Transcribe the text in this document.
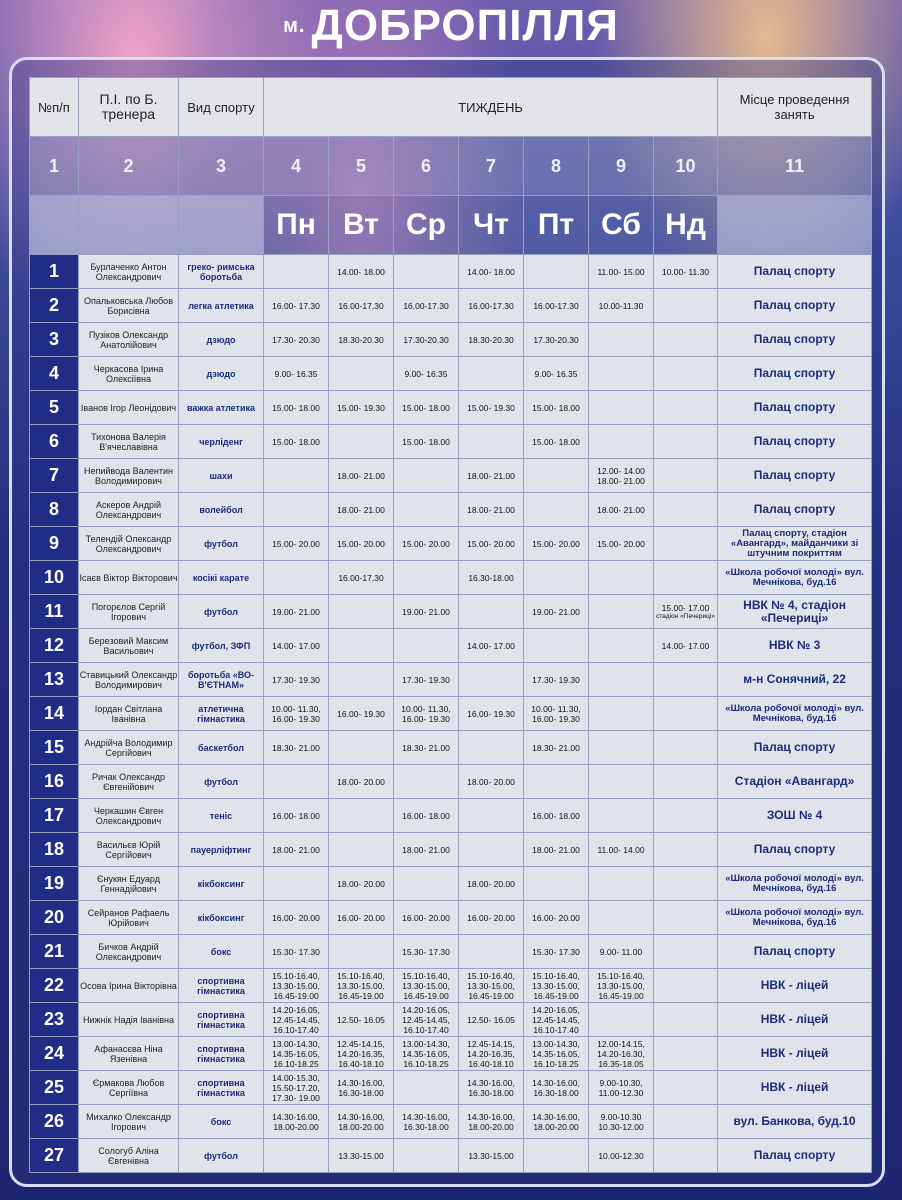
м. ДОБРОПІЛЛЯ
№п/п	П.І. по Б. тренера	Вид спорту	ТИЖДЕНЬ							Місце проведення занять
1	2	3	4	5	6	7	8	9	10	11
			Пн	Вт	Ср	Чт	Пт	Сб	Нд	
1	Бурлаченко Антон Олександрович	греко- римська боротьба		14.00- 18.00		14.00- 18.00		11.00- 15.00	10.00- 11.30	Палац спорту
2	Опальковська Любов Борисівна	легка атлетика	16.00- 17.30	16.00-17.30	16.00-17.30	16.00-17.30	16.00-17.30	10.00-11.30		Палац спорту
3	Пузіков Олександр Анатолійович	дзюдо	17.30- 20.30	18.30-20.30	17.30-20.30	18.30-20.30	17.30-20.30			Палац спорту
4	Черкасова Ірина Олексіївна	дзюдо	9.00- 16.35		9.00- 16.35		9.00- 16.35			Палац спорту
5	Іванов Ігор Леонідович	важка атлетика	15.00- 18.00	15.00- 19.30	15.00- 18.00	15.00- 19.30	15.00- 18.00			Палац спорту
6	Тихонова Валерія В'ячеславівна	черліденг	15.00- 18.00		15.00- 18.00		15.00- 18.00			Палац спорту
7	Непийвода Валентин Володимирович	шахи		18.00- 21.00		18.00- 21.00		12.00- 14.00
18.00- 21.00		Палац спорту
8	Аскеров Андрій Олександрович	волейбол		18.00- 21.00		18.00- 21.00		18.00- 21.00		Палац спорту
9	Телендій Олександр Олександрович	футбол	15.00- 20.00	15.00- 20.00	15.00- 20.00	15.00- 20.00	15.00- 20.00	15.00- 20.00		Палац спорту, стадіон «Авангард», майданчики зі штучним покриттям
10	Ісаєв Віктор Вікторович	косікі карате		16.00-17.30		16.30-18.00				«Школа робочої молоді» вул. Мечнікова, буд.16
11	Погорєлов Сергій Ігорович	футбол	19.00- 21.00		19.00- 21.00		19.00- 21.00		15.00- 17.00

стадіон «Печериці»	НВК № 4, стадіон «Печериці»
12	Березовий Максим Васильович	футбол, ЗФП	14.00- 17.00			14.00- 17.00			14.00- 17.00	НВК № 3
13	Ставицький Олександр Володимирович	боротьба «ВО-В'ЄТНАМ»	17.30- 19.30		17.30- 19.30		17.30- 19.30			м-н Сонячний, 22
14	Іордан Світлана Іванівна	атлетична гімнастика	10.00- 11.30,
16.00- 19.30	16.00- 19.30	10.00- 11.30,
16.00- 19.30	16.00- 19.30	10.00- 11.30,
16.00- 19.30			«Школа робочої молоді» вул. Мечнікова, буд.16
15	Андрійча Володимир Сергійович	баскетбол	18.30- 21.00		18.30- 21.00		18.30- 21.00			Палац спорту
16	Ричак Олександр Євгенійович	футбол		18.00- 20.00		18.00- 20.00				Стадіон «Авангард»
17	Черкашин Євген Олександрович	теніс	16.00- 18.00		16.00- 18.00		16.00- 18.00			ЗОШ № 4
18	Васильєв Юрій Сергійович	пауерліфтинг	18.00- 21.00		18.00- 21.00		18.00- 21.00	11.00- 14.00		Палац спорту
19	Єнукян Едуард Геннадійович	кікбоксинг		18.00- 20.00		18.00- 20.00				«Школа робочої молоді» вул. Мечнікова, буд.16
20	Сейранов Рафаель Юрійович	кікбоксинг	16.00- 20.00	16.00- 20.00	16.00- 20.00	16.00- 20.00	16.00- 20.00			«Школа робочої молоді» вул. Мечнікова, буд.16
21	Бичков Андрій Олександрович	бокс	15.30- 17.30		15.30- 17.30		15.30- 17.30	9.00- 11.00		Палац спорту
22	Осова Ірина Вікторівна	спортивна гімнастика	15.10-16.40,
13.30-15.00,
16.45-19.00	15.10-16.40,
13.30-15.00,
16.45-19.00	15.10-16.40,
13.30-15.00,
16.45-19.00	15.10-16.40,
13.30-15.00,
16.45-19.00	15.10-16.40,
13.30-15.00,
16.45-19.00	15.10-16.40,
13.30-15.00,
16.45-19.00		НВК - ліцей
23	Нижнік Надія Іванівна	спортивна гімнастика	14.20-16.05,
12.45-14.45,
16.10-17.40	12.50- 16.05	14.20-16.05,
12.45-14.45,
16.10-17.40	12.50- 16.05	14.20-16.05,
12.45-14.45,
16.10-17.40			НВК - ліцей
24	Афанасєва Ніна Язенівна	спортивна гімнастика	13.00-14.30,
14.35-16.05,
16.10-18.25	12.45-14.15,
14.20-16.35,
16.40-18.10	13.00-14.30,
14.35-16.05,
16.10-18.25	12.45-14.15,
14.20-16.35,
16.40-18.10	13.00-14.30,
14.35-16.05,
16.10-18.25	12.00-14.15,
14.20-16.30,
16.35-18.05		НВК - ліцей
25	Єрмакова Любов Сергіївна	спортивна гімнастика	14.00-15.30,
15.50-17.20,
17.30- 19.00	14.30-16.00,
16.30-18.00		14.30-16.00,
16.30-18.00	14.30-16.00,
16.30-18.00	9.00-10.30,
11.00-12.30		НВК - ліцей
26	Михалко Олександр Ігорович	бокс	14.30-16.00,
18.00-20.00	14.30-16.00,
18.00-20.00	14.30-16.00,
16.30-18.00	14.30-16.00,
18.00-20.00	14.30-16.00,
18.00-20.00	9.00-10.30
10.30-12.00		вул. Банкова, буд.10
27	Сологуб Аліна Євгенівна	футбол		13.30-15.00		13.30-15.00		10.00-12.30		Палац спорту
